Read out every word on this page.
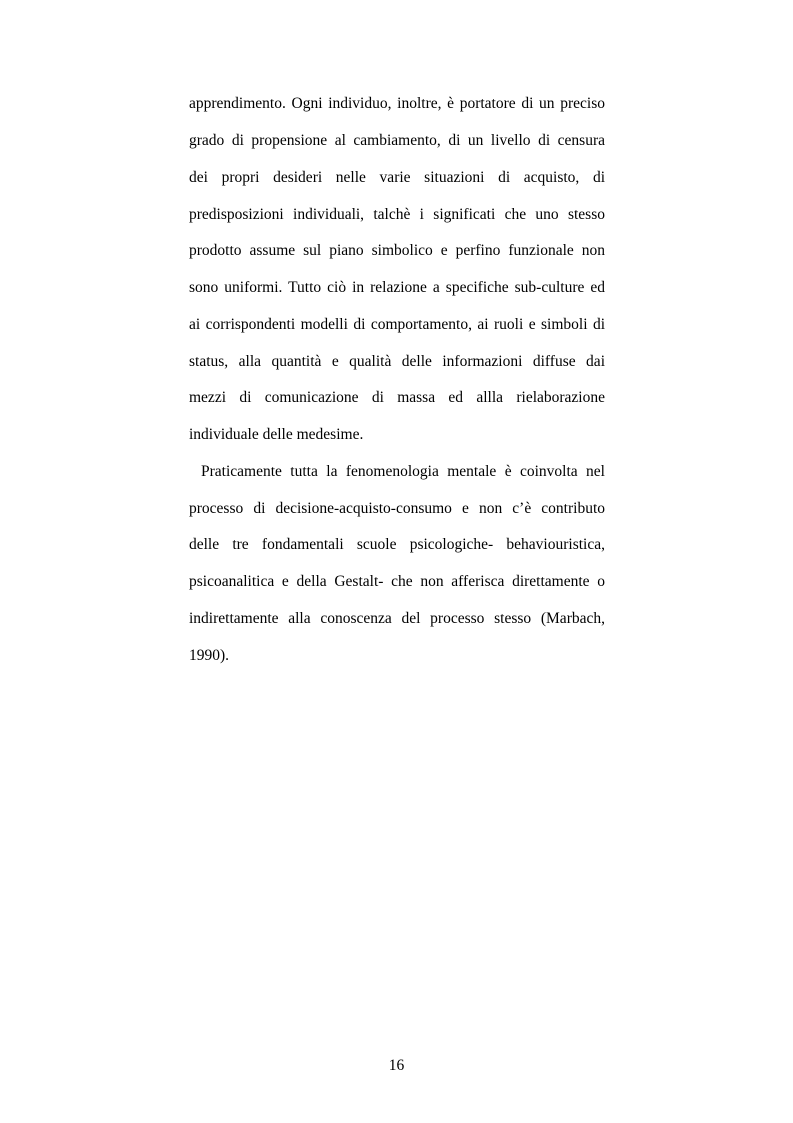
apprendimento. Ogni individuo, inoltre, è portatore di un preciso

grado di propensione al cambiamento, di un livello di censura

dei propri desideri nelle varie situazioni di acquisto, di

predisposizioni individuali, talchè i significati che uno stesso

prodotto assume sul piano simbolico e perfino funzionale non

sono uniformi. Tutto ciò in relazione a specifiche sub-culture ed

ai corrispondenti modelli di comportamento, ai ruoli e simboli di

status, alla quantità e qualità delle informazioni diffuse dai

mezzi di comunicazione di massa ed allla rielaborazione

individuale delle medesime.

Praticamente tutta la fenomenologia mentale è coinvolta nel

processo di decisione-acquisto-consumo e non c’è contributo

delle tre fondamentali scuole psicologiche- behaviouristica,

psicoanalitica e della Gestalt- che non afferisca direttamente o

indirettamente alla conoscenza del processo stesso (Marbach,

1990).

16
